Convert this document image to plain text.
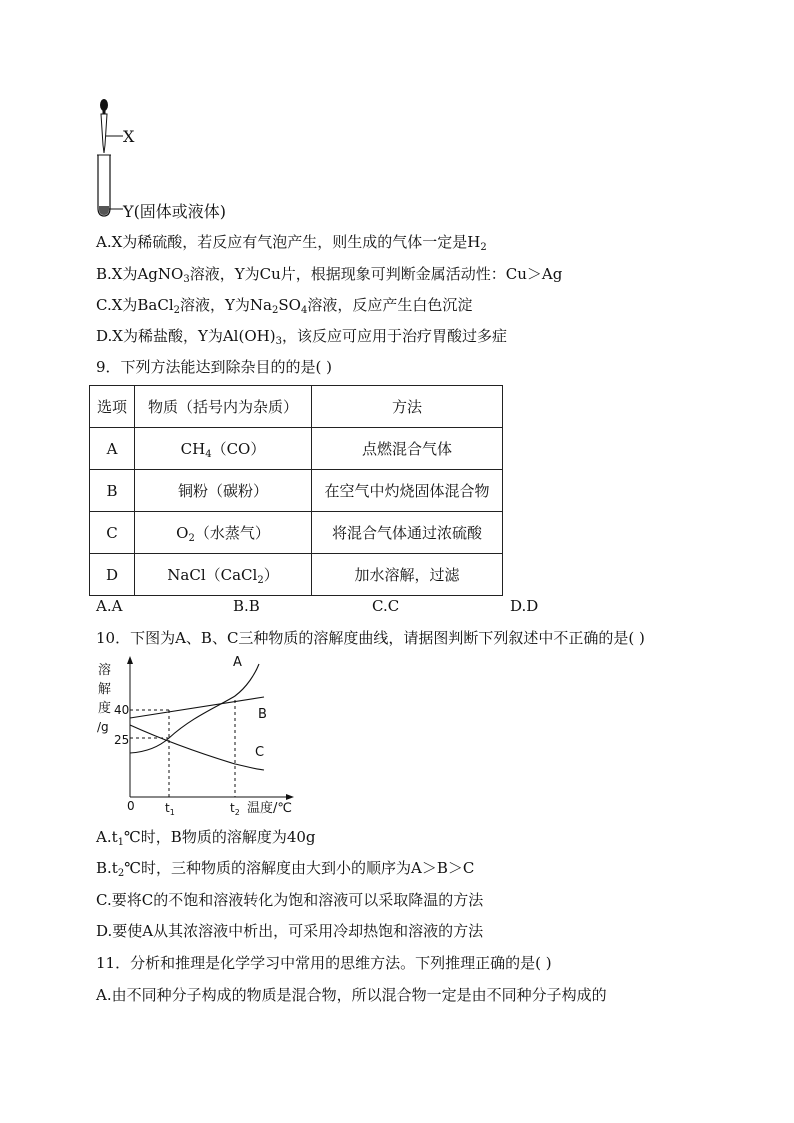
X
Y(固体或液体)
A.X为稀硫酸，若反应有气泡产生，则生成的气体一定是$H_2$
B.X为AgNO$_3$溶液，Y为Cu片，根据现象可判断金属活动性：Cu＞Ag
C.X为BaCl$_2$溶液，Y为$Na_2SO_4$溶液，反应产生白色沉淀
D.X为稀盐酸，Y为$Al(OH)_3$，该反应可应用于治疗胃酸过多症
9．下列方法能达到除杂目的的是( )
选项	物质（括号内为杂质）	方法
A	$CH_4(CO)$	点燃混合气体
B	铜粉（碳粉）	在空气中灼烧固体混合物
C	$O_2$（水蒸气）	将混合气体通过浓硫酸
D	NaCl（CaCl$_2$）	加水溶解，过滤
A.A	B.B	C.C	D.D
10．下图为A、B、C三种物质的溶解度曲线，请据图判断下列叙述中不正确的是( )
溶
解
度
/g
40
25
0	$t_1$	$t_2$ 温度/℃
A
B
C
$A.t_1℃$时，B物质的溶解度为40g
$B.t_2℃$时，三种物质的溶解度由大到小的顺序为A＞B＞C
C.要将C的不饱和溶液转化为饱和溶液可以采取降温的方法
D.要使A从其浓溶液中析出，可采用冷却热饱和溶液的方法
11．分析和推理是化学学习中常用的思维方法。下列推理正确的是( )
A.由不同种分子构成的物质是混合物，所以混合物一定是由不同种分子构成的
